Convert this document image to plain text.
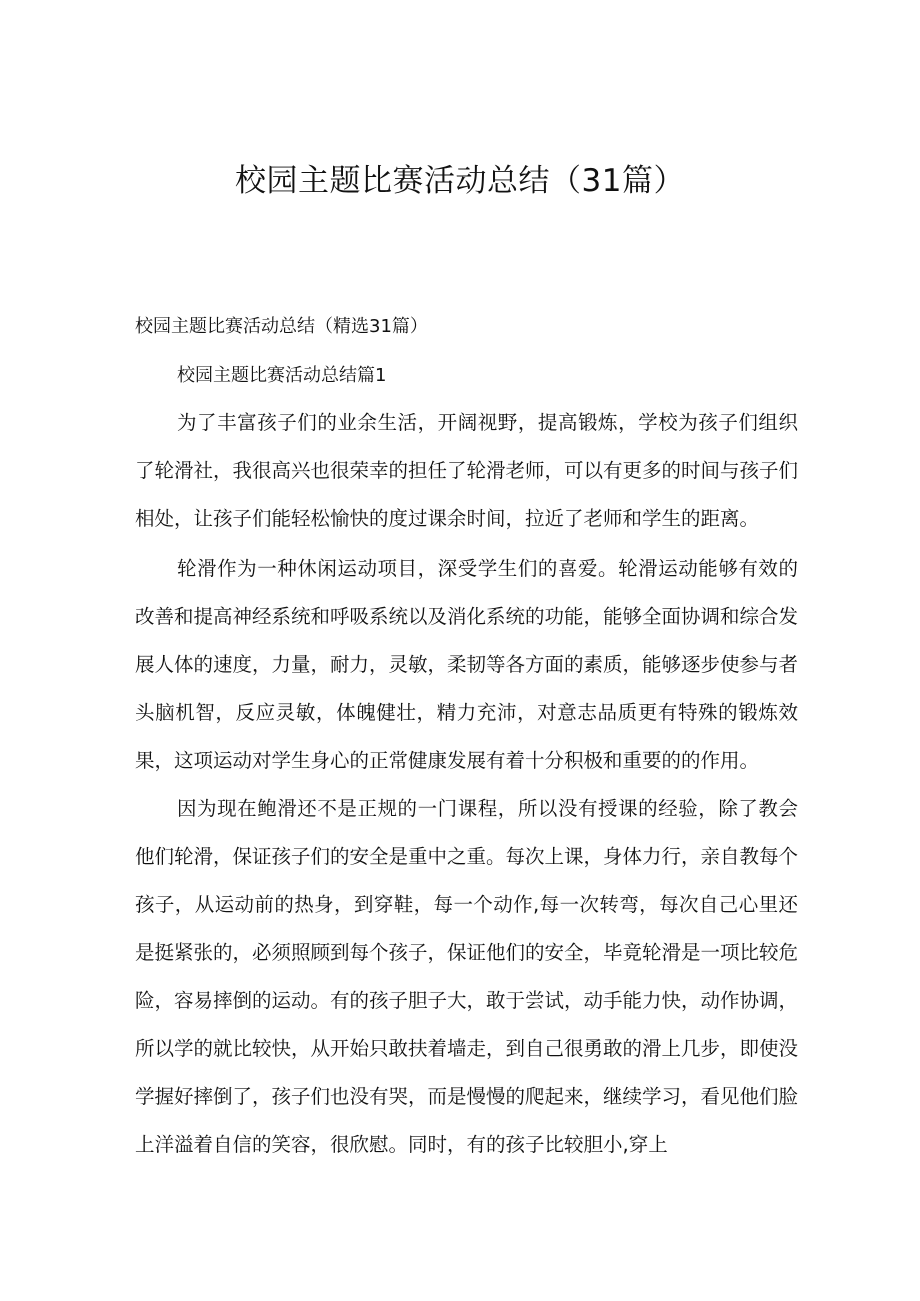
校园主题比赛活动总结（31篇）
校园主题比赛活动总结（精选31篇）
校园主题比赛活动总结篇1
为了丰富孩子们的业余生活，开阔视野，提高锻炼，学校为孩子们组织了轮滑社，我很高兴也很荣幸的担任了轮滑老师，可以有更多的时间与孩子们相处，让孩子们能轻松愉快的度过课余时间，拉近了老师和学生的距离。
轮滑作为一种休闲运动项目，深受学生们的喜爱。轮滑运动能够有效的改善和提高神经系统和呼吸系统以及消化系统的功能，能够全面协调和综合发展人体的速度，力量，耐力，灵敏，柔韧等各方面的素质，能够逐步使参与者头脑机智，反应灵敏，体魄健壮，精力充沛，对意志品质更有特殊的锻炼效果，这项运动对学生身心的正常健康发展有着十分积极和重要的的作用。
因为现在鲍滑还不是正规的一门课程，所以没有授课的经验，除了教会他们轮滑，保证孩子们的安全是重中之重。每次上课，身体力行，亲自教每个孩子，从运动前的热身，到穿鞋，每一个动作,每一次转弯，每次自己心里还是挺紧张的，必须照顾到每个孩子，保证他们的安全，毕竟轮滑是一项比较危险，容易摔倒的运动。有的孩子胆子大，敢于尝试，动手能力快，动作协调，所以学的就比较快，从开始只敢扶着墙走，到自己很勇敢的滑上几步，即使没学握好摔倒了，孩子们也没有哭，而是慢慢的爬起来，继续学习，看见他们脸上洋溢着自信的笑容，很欣慰。同时，有的孩子比较胆小,穿上
